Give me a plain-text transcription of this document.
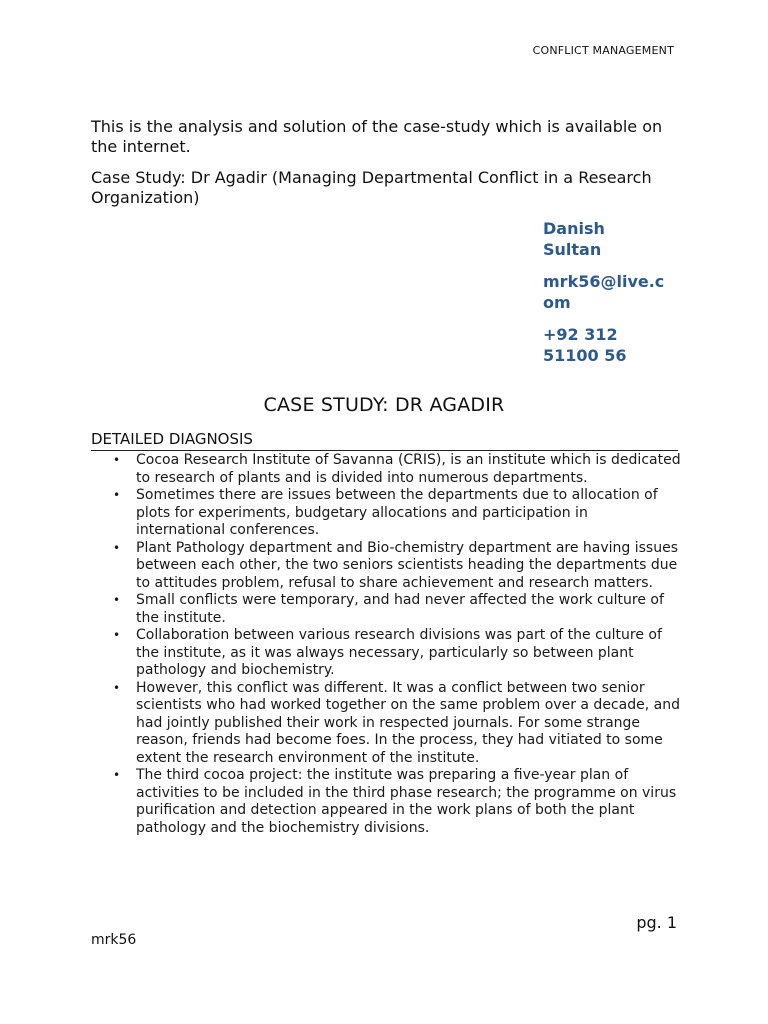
CONFLICT MANAGEMENT
This is the analysis and solution of the case-study which is available on the internet.
Case Study: Dr Agadir (Managing Departmental Conflict in a Research Organization)
Danish
Sultan
mrk56@live.c
om
+92 312
51100 56
CASE STUDY: DR AGADIR
DETAILED DIAGNOSIS
• Cocoa Research Institute of Savanna (CRIS), is an institute which is dedicated to research of plants and is divided into numerous departments.
• Sometimes there are issues between the departments due to allocation of plots for experiments, budgetary allocations and participation in international conferences.
• Plant Pathology department and Bio-chemistry department are having issues between each other, the two seniors scientists heading the departments due to attitudes problem, refusal to share achievement and research matters.
• Small conflicts were temporary, and had never affected the work culture of the institute.
• Collaboration between various research divisions was part of the culture of the institute, as it was always necessary, particularly so between plant pathology and biochemistry.
• However, this conflict was different. It was a conflict between two senior scientists who had worked together on the same problem over a decade, and had jointly published their work in respected journals. For some strange reason, friends had become foes. In the process, they had vitiated to some extent the research environment of the institute.
• The third cocoa project: the institute was preparing a five-year plan of activities to be included in the third phase research; the programme on virus purification and detection appeared in the work plans of both the plant pathology and the biochemistry divisions.
pg. 1
mrk56
